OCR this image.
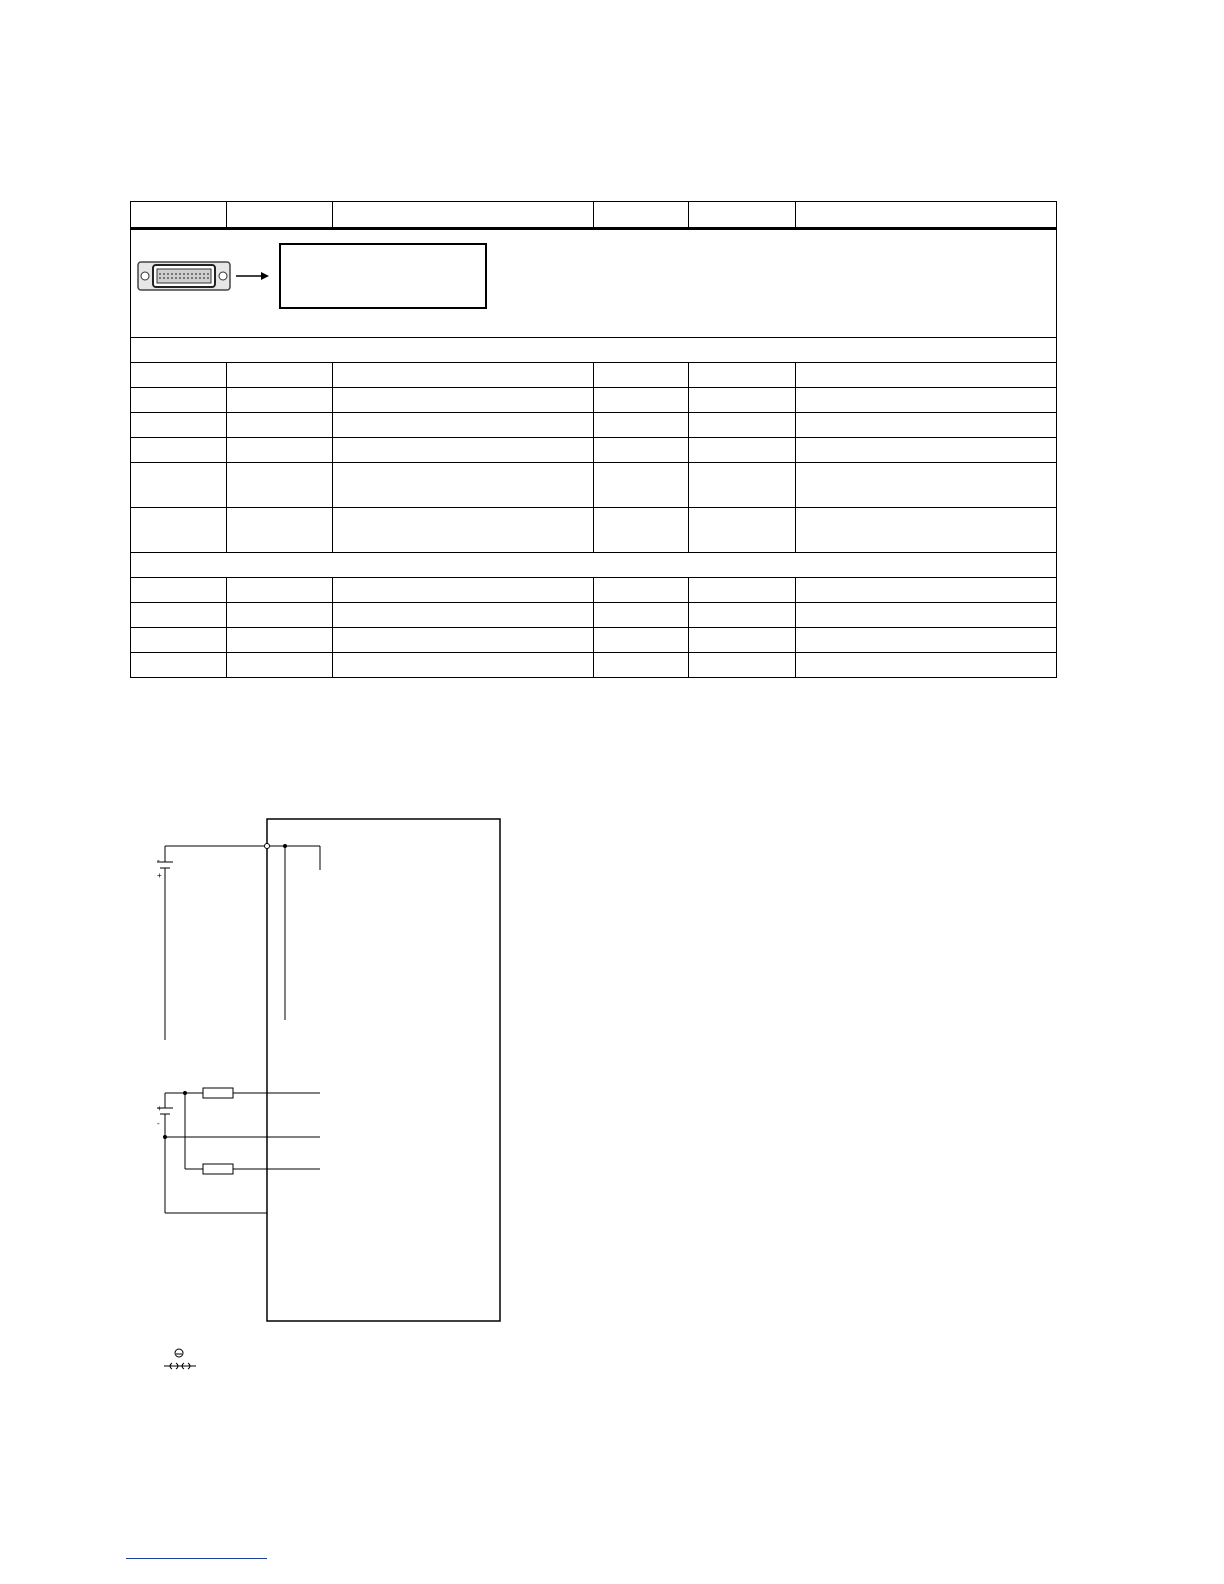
-
+
+
-
